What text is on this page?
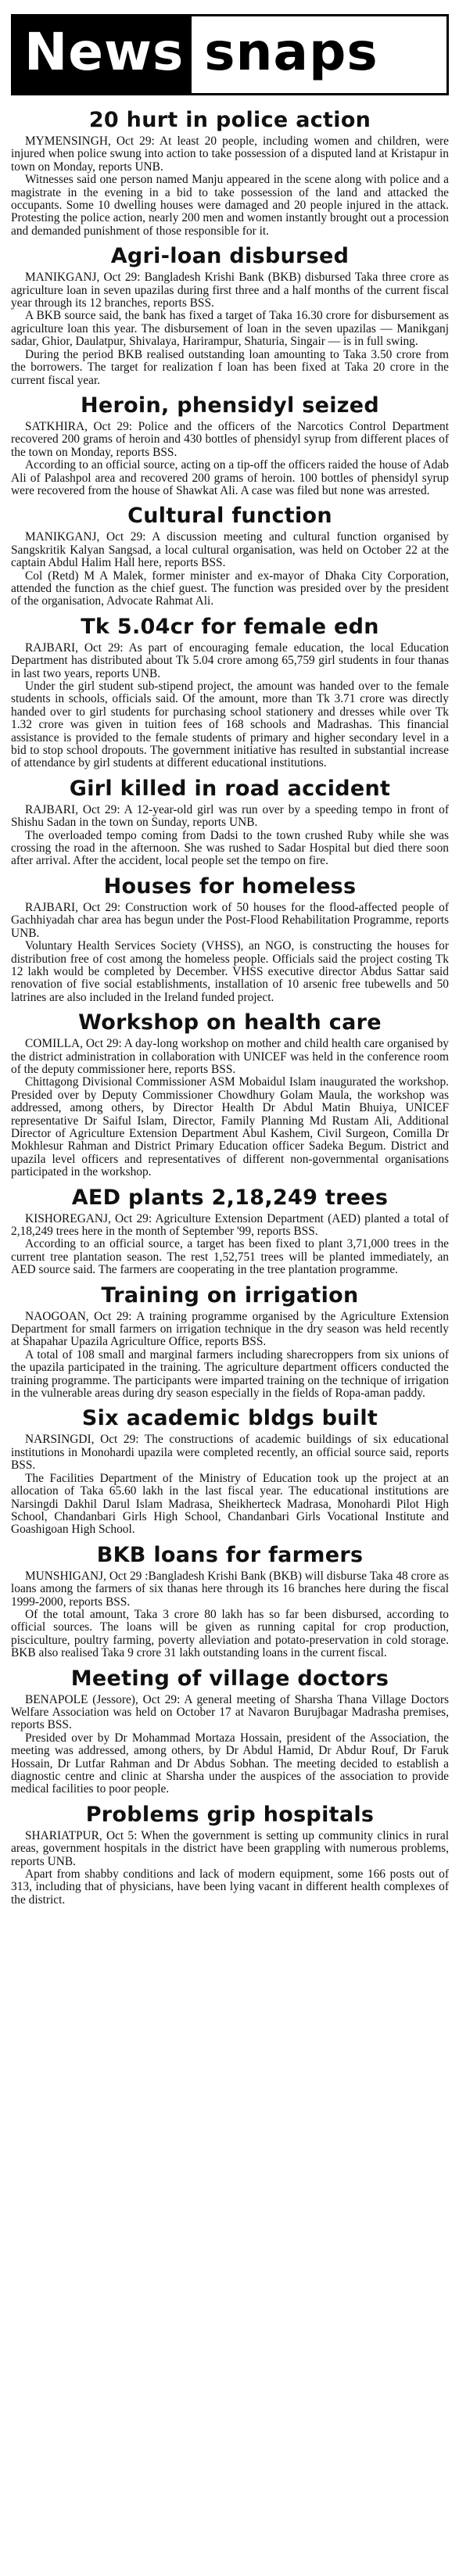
News snaps
20 hurt in police action

MYMENSINGH, Oct 29: At least 20 people, including women and children, were injured when police swung into action to take possession of a disputed land at Kristapur in town on Monday, reports UNB.

Witnesses said one person named Manju appeared in the scene along with police and a magistrate in the evening in a bid to take possession of the land and attacked the occupants. Some 10 dwelling houses were damaged and 20 people injured in the attack. Protesting the police action, nearly 200 men and women instantly brought out a procession and demanded punishment of those responsible for it.

Agri-loan disbursed

MANIKGANJ, Oct 29: Bangladesh Krishi Bank (BKB) disbursed Taka three crore as agriculture loan in seven upazilas during first three and a half months of the current fiscal year through its 12 branches, reports BSS.

A BKB source said, the bank has fixed a target of Taka 16.30 crore for disbursement as agriculture loan this year. The disbursement of loan in the seven upazilas — Manikganj sadar, Ghior, Daulatpur, Shivalaya, Harirampur, Shaturia, Singair — is in full swing.

During the period BKB realised outstanding loan amounting to Taka 3.50 crore from the borrowers. The target for realization f loan has been fixed at Taka 20 crore in the current fiscal year.

Heroin, phensidyl seized

SATKHIRA, Oct 29: Police and the officers of the Narcotics Control Department recovered 200 grams of heroin and 430 bottles of phensidyl syrup from different places of the town on Monday, reports BSS.

According to an official source, acting on a tip-off the officers raided the house of Adab Ali of Palashpol area and recovered 200 grams of heroin. 100 bottles of phensidyl syrup were recovered from the house of Shawkat Ali. A case was filed but none was arrested.

Cultural function

MANIKGANJ, Oct 29: A discussion meeting and cultural function organised by Sangskritik Kalyan Sangsad, a local cultural organisation, was held on October 22 at the captain Abdul Halim Hall here, reports BSS.

Col (Retd) M A Malek, former minister and ex-mayor of Dhaka City Corporation, attended the function as the chief guest. The function was presided over by the president of the organisation, Advocate Rahmat Ali.

Tk 5.04cr for female edn

RAJBARI, Oct 29: As part of encouraging female education, the local Education Department has distributed about Tk 5.04 crore among 65,759 girl students in four thanas in last two years, reports UNB.

Under the girl student sub-stipend project, the amount was handed over to the female students in schools, officials said. Of the amount, more than Tk 3.71 crore was directly handed over to girl students for purchasing school stationery and dresses while over Tk 1.32 crore was given in tuition fees of 168 schools and Madrashas. This financial assistance is provided to the female students of primary and higher secondary level in a bid to stop school dropouts. The government initiative has resulted in substantial increase of attendance by girl students at different educational institutions.

Girl killed in road accident

RAJBARI, Oct 29: A 12-year-old girl was run over by a speeding tempo in front of Shishu Sadan in the town on Sunday, reports UNB.

The overloaded tempo coming from Dadsi to the town crushed Ruby while she was crossing the road in the afternoon. She was rushed to Sadar Hospital but died there soon after arrival. After the accident, local people set the tempo on fire.

Houses for homeless

RAJBARI, Oct 29: Construction work of 50 houses for the flood-affected people of Gachhiyadah char area has begun under the Post-Flood Rehabilitation Programme, reports UNB.

Voluntary Health Services Society (VHSS), an NGO, is constructing the houses for distribution free of cost among the homeless people. Officials said the project costing Tk 12 lakh would be completed by December. VHSS executive director Abdus Sattar said renovation of five social establishments, installation of 10 arsenic free tubewells and 50 latrines are also included in the Ireland funded project.

Workshop on health care

COMILLA, Oct 29: A day-long workshop on mother and child health care organised by the district administration in collaboration with UNICEF was held in the conference room of the deputy commissioner here, reports BSS.

Chittagong Divisional Commissioner ASM Mobaidul Islam inaugurated the workshop. Presided over by Deputy Commissioner Chowdhury Golam Maula, the workshop was addressed, among others, by Director Health Dr Abdul Matin Bhuiya, UNICEF representative Dr Saiful Islam, Director, Family Planning Md Rustam Ali, Additional Director of Agriculture Extension Department Abul Kashem, Civil Surgeon, Comilla Dr Mokhlesur Rahman and District Primary Education officer Sadeka Begum. District and upazila level officers and representatives of different non-governmental organisations participated in the workshop.

AED plants 2,18,249 trees

KISHOREGANJ, Oct 29: Agriculture Extension Department (AED) planted a total of 2,18,249 trees here in the month of September '99, reports BSS.

According to an official source, a target has been fixed to plant 3,71,000 trees in the current tree plantation season. The rest 1,52,751 trees will be planted immediately, an AED source said. The farmers are cooperating in the tree plantation programme.

Training on irrigation

NAOGOAN, Oct 29: A training programme organised by the Agriculture Extension Department for small farmers on irrigation technique in the dry season was held recently at Shapahar Upazila Agriculture Office, reports BSS.

A total of 108 small and marginal farmers including sharecroppers from six unions of the upazila participated in the training. The agriculture department officers conducted the training programme. The participants were imparted training on the technique of irrigation in the vulnerable areas during dry season especially in the fields of Ropa-aman paddy.

Six academic bldgs built

NARSINGDI, Oct 29: The constructions of academic buildings of six educational institutions in Monohardi upazila were completed recently, an official source said, reports BSS.

The Facilities Department of the Ministry of Education took up the project at an allocation of Taka 65.60 lakh in the last fiscal year. The educational institutions are Narsingdi Dakhil Darul Islam Madrasa, Sheikherteck Madrasa, Monohardi Pilot High School, Chandanbari Girls High School, Chandanbari Girls Vocational Institute and Goashigoan High School.

BKB loans for farmers

MUNSHIGANJ, Oct 29 :Bangladesh Krishi Bank (BKB) will disburse Taka 48 crore as loans among the farmers of six thanas here through its 16 branches here during the fiscal 1999-2000, reports BSS.

Of the total amount, Taka 3 crore 80 lakh has so far been disbursed, according to official sources. The loans will be given as running capital for crop production, pisciculture, poultry farming, poverty alleviation and potato-preservation in cold storage. BKB also realised Taka 9 crore 31 lakh outstanding loans in the current fiscal.

Meeting of village doctors

BENAPOLE (Jessore), Oct 29: A general meeting of Sharsha Thana Village Doctors Welfare Association was held on October 17 at Navaron Burujbagar Madrasha premises, reports BSS.

Presided over by Dr Mohammad Mortaza Hossain, president of the Association, the meeting was addressed, among others, by Dr Abdul Hamid, Dr Abdur Rouf, Dr Faruk Hossain, Dr Lutfar Rahman and Dr Abdus Sobhan. The meeting decided to establish a diagnostic centre and clinic at Sharsha under the auspices of the association to provide medical facilities to poor people.

Problems grip hospitals

SHARIATPUR, Oct 5: When the government is setting up community clinics in rural areas, government hospitals in the district have been grappling with numerous problems, reports UNB.

Apart from shabby conditions and lack of modern equipment, some 166 posts out of 313, including that of physicians, have been lying vacant in different health complexes of the district.
